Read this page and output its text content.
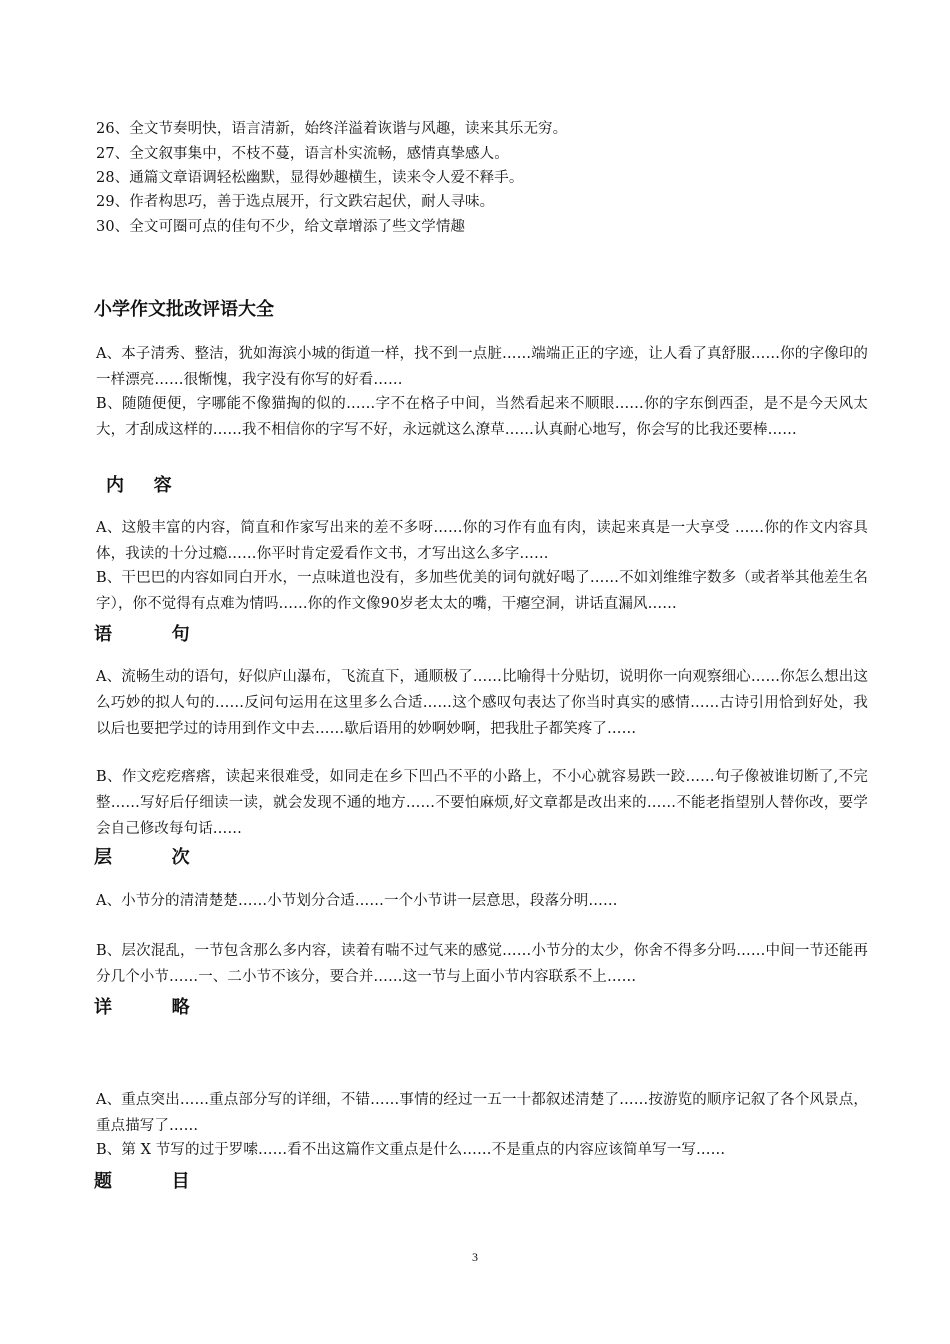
26、全文节奏明快，语言清新，始终洋溢着诙谐与风趣，读来其乐无穷。
27、全文叙事集中，不枝不蔓，语言朴实流畅，感情真挚感人。
28、通篇文章语调轻松幽默，显得妙趣横生，读来令人爱不释手。
29、作者构思巧，善于选点展开，行文跌宕起伏，耐人寻味。
30、全文可圈可点的佳句不少，给文章增添了些文学情趣
小学作文批改评语大全
A、本子清秀、整洁，犹如海滨小城的街道一样，找不到一点脏……端端正正的字迹，让人看了真舒服……你的字像印的一样漂亮……很惭愧，我字没有你写的好看……
B、随随便便，字哪能不像猫掏的似的……字不在格子中间，当然看起来不顺眼……你的字东倒西歪，是不是今天风太大，才刮成这样的……我不相信你的字写不好，永远就这么潦草……认真耐心地写，你会写的比我还要棒……
内 容
A、这般丰富的内容，简直和作家写出来的差不多呀……你的习作有血有肉，读起来真是一大享受 ……你的作文内容具体，我读的十分过瘾……你平时肯定爱看作文书，才写出这么多字……
B、干巴巴的内容如同白开水，一点味道也没有，多加些优美的词句就好喝了……不如刘维维字数多（或者举其他差生名字），你不觉得有点难为情吗……你的作文像90岁老太太的嘴，干瘪空洞，讲话直漏风……
语	句
A、流畅生动的语句，好似庐山瀑布，飞流直下，通顺极了……比喻得十分贴切，说明你一向观察细心……你怎么想出这么巧妙的拟人句的……反问句运用在这里多么合适……这个感叹句表达了你当时真实的感情……古诗引用恰到好处，我以后也要把学过的诗用到作文中去……歇后语用的妙啊妙啊，把我肚子都笑疼了……
B、作文疙疙瘩瘩，读起来很难受，如同走在乡下凹凸不平的小路上，不小心就容易跌一跤……句子像被谁切断了,不完整……写好后仔细读一读，就会发现不通的地方……不要怕麻烦,好文章都是改出来的……不能老指望别人替你改，要学会自己修改每句话……
层	次
A、小节分的清清楚楚……小节划分合适……一个小节讲一层意思，段落分明……
B、层次混乱，一节包含那么多内容，读着有喘不过气来的感觉……小节分的太少，你舍不得多分吗……中间一节还能再分几个小节……一、二小节不该分，要合并……这一节与上面小节内容联系不上……
详	略
A、重点突出……重点部分写的详细，不错……事情的经过一五一十都叙述清楚了……按游览的顺序记叙了各个风景点，重点描写了……
B、第 X 节写的过于罗嗦……看不出这篇作文重点是什么……不是重点的内容应该简单写一写……
题	目
3
